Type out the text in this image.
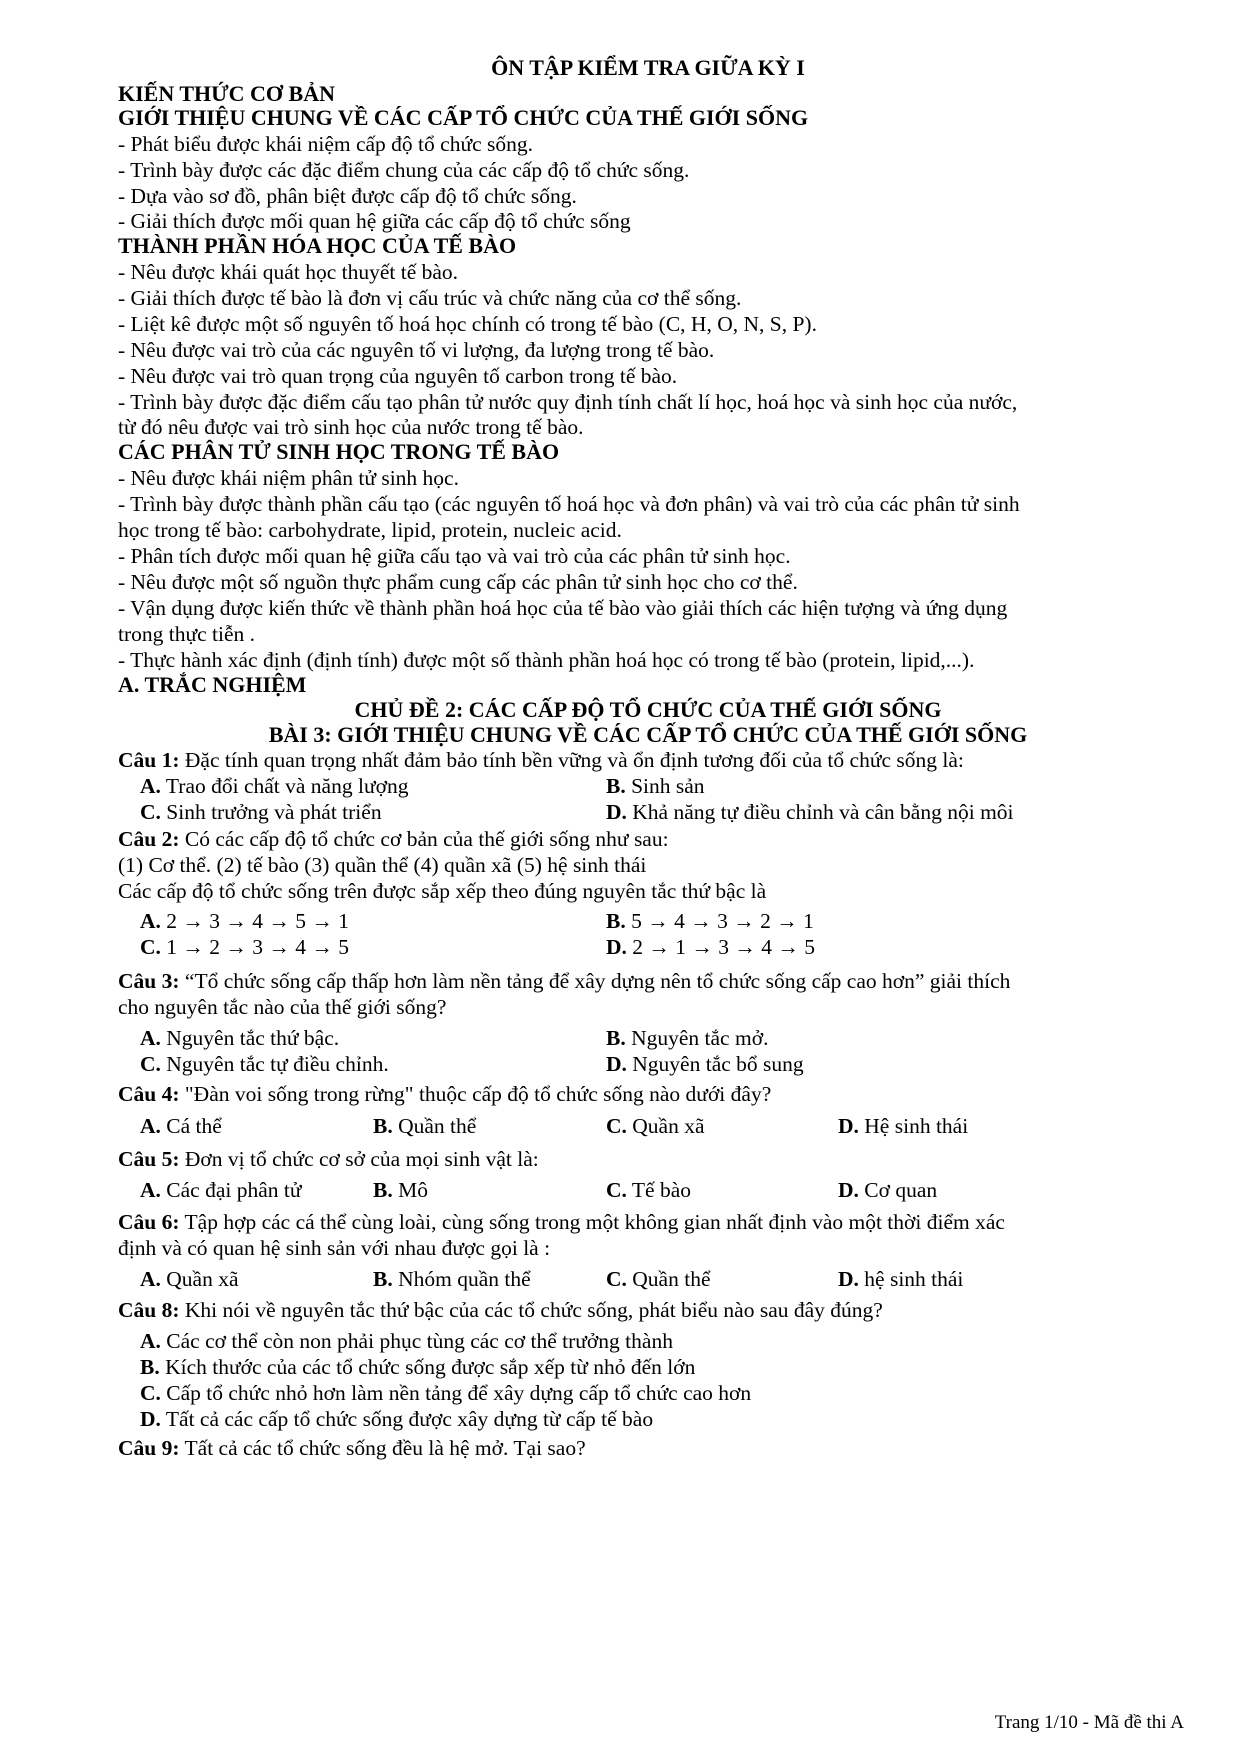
ÔN TẬP KIỂM TRA GIỮA KỲ I
KIẾN THỨC CƠ BẢN
GIỚI THIỆU CHUNG VỀ CÁC CẤP TỔ CHỨC CỦA THẾ GIỚI SỐNG
- Phát biểu được khái niệm cấp độ tổ chức sống.
- Trình bày được các đặc điểm chung của các cấp độ tổ chức sống.
- Dựa vào sơ đồ, phân biệt được cấp độ tổ chức sống.
- Giải thích được mối quan hệ giữa các cấp độ tổ chức sống
THÀNH PHẦN HÓA HỌC CỦA TẾ BÀO
- Nêu được khái quát học thuyết tế bào.
- Giải thích được tế bào là đơn vị cấu trúc và chức năng của cơ thể sống.
- Liệt kê được một số nguyên tố hoá học chính có trong tế bào (C, H, O, N, S, P).
- Nêu được vai trò của các nguyên tố vi lượng, đa lượng trong tế bào.
- Nêu được vai trò quan trọng của nguyên tố carbon trong tế bào.
- Trình bày được đặc điểm cấu tạo phân tử nước quy định tính chất lí học, hoá học và sinh học của nước,
từ đó nêu được vai trò sinh học của nước trong tế bào.
CÁC PHÂN TỬ SINH HỌC TRONG TẾ BÀO
- Nêu được khái niệm phân tử sinh học.
- Trình bày được thành phần cấu tạo (các nguyên tố hoá học và đơn phân) và vai trò của các phân tử sinh
học trong tế bào: carbohydrate, lipid, protein, nucleic acid.
- Phân tích được mối quan hệ giữa cấu tạo và vai trò của các phân tử sinh học.
- Nêu được một số nguồn thực phẩm cung cấp các phân tử sinh học cho cơ thể.
- Vận dụng được kiến thức về thành phần hoá học của tế bào vào giải thích các hiện tượng và ứng dụng
trong thực tiễn .
- Thực hành xác định (định tính) được một số thành phần hoá học có trong tế bào (protein, lipid,...).
A. TRẮC NGHIỆM
CHỦ ĐỀ 2: CÁC CẤP ĐỘ TỔ CHỨC CỦA THẾ GIỚI SỐNG
BÀI 3: GIỚI THIỆU CHUNG VỀ CÁC CẤP TỔ CHỨC CỦA THẾ GIỚI SỐNG
Câu 1: Đặc tính quan trọng nhất đảm bảo tính bền vững và ổn định tương đối của tổ chức sống là:
A. Trao đổi chất và năng lượng	B. Sinh sản
C. Sinh trưởng và phát triển	D. Khả năng tự điều chỉnh và cân bằng nội môi
Câu 2: Có các cấp độ tổ chức cơ bản của thế giới sống như sau:
(1) Cơ thể. (2) tế bào (3) quần thể (4) quần xã (5) hệ sinh thái
Các cấp độ tổ chức sống trên được sắp xếp theo đúng nguyên tắc thứ bậc là
A. 2 → 3 → 4 → 5 → 1	B. 5 → 4 → 3 → 2 → 1
C. 1 → 2 → 3 → 4 → 5	D. 2 → 1 → 3 → 4 → 5
Câu 3: “Tổ chức sống cấp thấp hơn làm nền tảng để xây dựng nên tổ chức sống cấp cao hơn” giải thích
cho nguyên tắc nào của thế giới sống?
A. Nguyên tắc thứ bậc.	B. Nguyên tắc mở.
C. Nguyên tắc tự điều chỉnh.	D. Nguyên tắc bổ sung
Câu 4: "Đàn voi sống trong rừng" thuộc cấp độ tổ chức sống nào dưới đây?
A. Cá thể	B. Quần thể	C. Quần xã	D. Hệ sinh thái
Câu 5: Đơn vị tổ chức cơ sở của mọi sinh vật là:
A. Các đại phân tử	B. Mô	C. Tế bào	D. Cơ quan
Câu 6: Tập hợp các cá thể cùng loài, cùng sống trong một không gian nhất định vào một thời điểm xác
định và có quan hệ sinh sản với nhau được gọi là :
A. Quần xã	B. Nhóm quần thể	C. Quần thể	D. hệ sinh thái
Câu 8: Khi nói về nguyên tắc thứ bậc của các tổ chức sống, phát biểu nào sau đây đúng?
A. Các cơ thể còn non phải phục tùng các cơ thể trưởng thành
B. Kích thước của các tổ chức sống được sắp xếp từ nhỏ đến lớn
C. Cấp tổ chức nhỏ hơn làm nền tảng để xây dựng cấp tổ chức cao hơn
D. Tất cả các cấp tổ chức sống được xây dựng từ cấp tế bào
Câu 9: Tất cả các tổ chức sống đều là hệ mở. Tại sao?
Trang 1/10 - Mã đề thi A
